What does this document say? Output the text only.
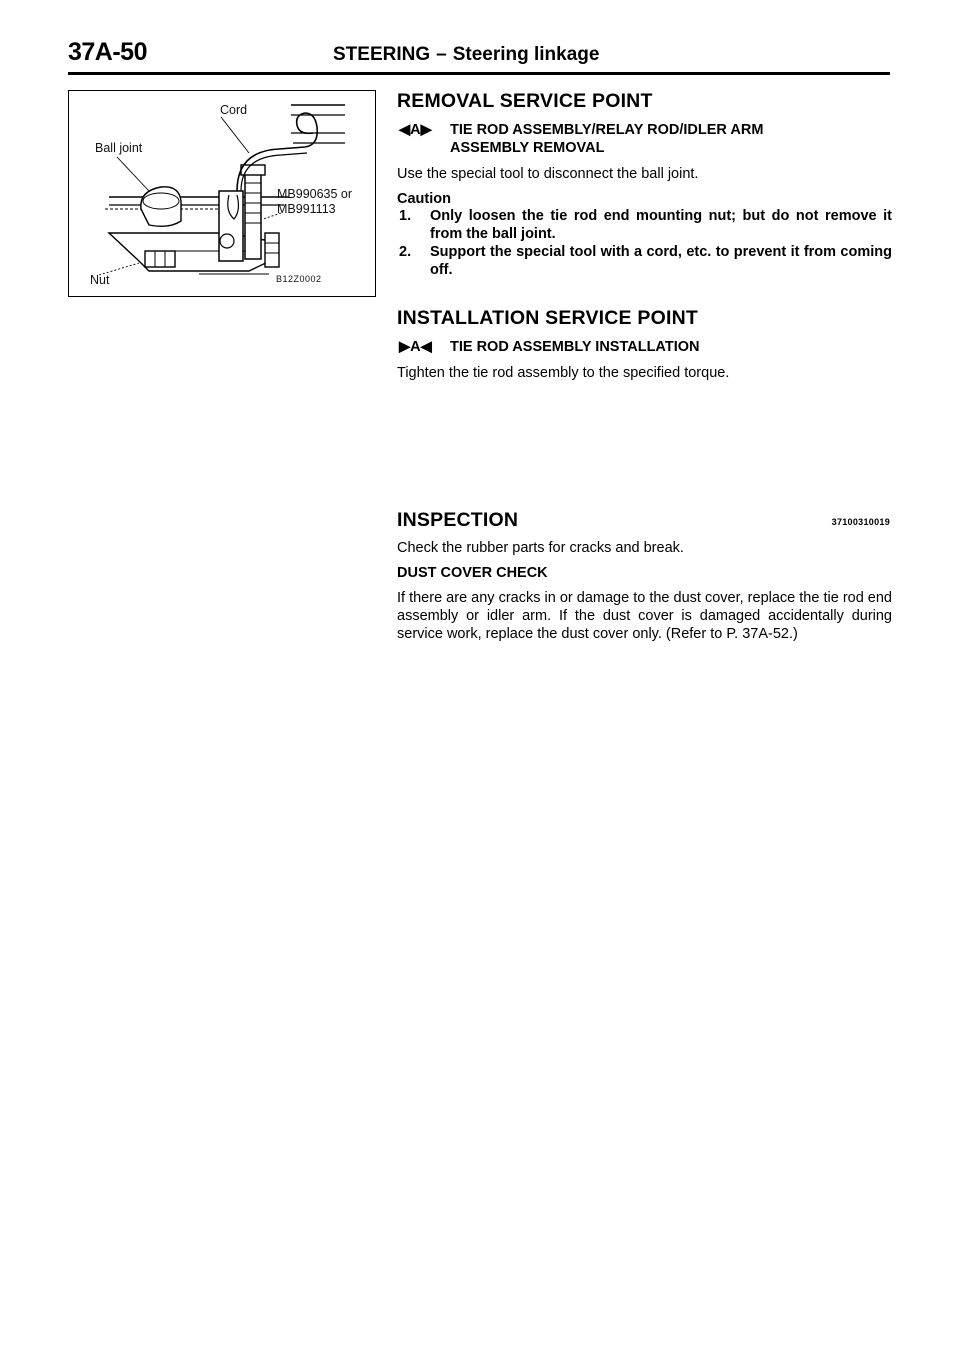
37A-50	STEERING – Steering linkage
Cord
Ball joint
MB990635 or
MB991113
Nut	B12Z0002
REMOVAL SERVICE POINT
◀A▶ TIE ROD ASSEMBLY/RELAY ROD/IDLER ARM
ASSEMBLY REMOVAL

Use the special tool to disconnect the ball joint.

Caution
1. Only loosen the tie rod end mounting nut; but do not remove it from the ball joint.
2. Support the special tool with a cord, etc. to prevent it from coming off.
INSTALLATION SERVICE POINT
▶A◀ TIE ROD ASSEMBLY INSTALLATION

Tighten the tie rod assembly to the specified torque.

INSPECTION	37100310019

Check the rubber parts for cracks and break.

DUST COVER CHECK

If there are any cracks in or damage to the dust cover, replace the tie rod end assembly or idler arm. If the dust cover is damaged accidentally during service work, replace the dust cover only. (Refer to P. 37A-52.)
